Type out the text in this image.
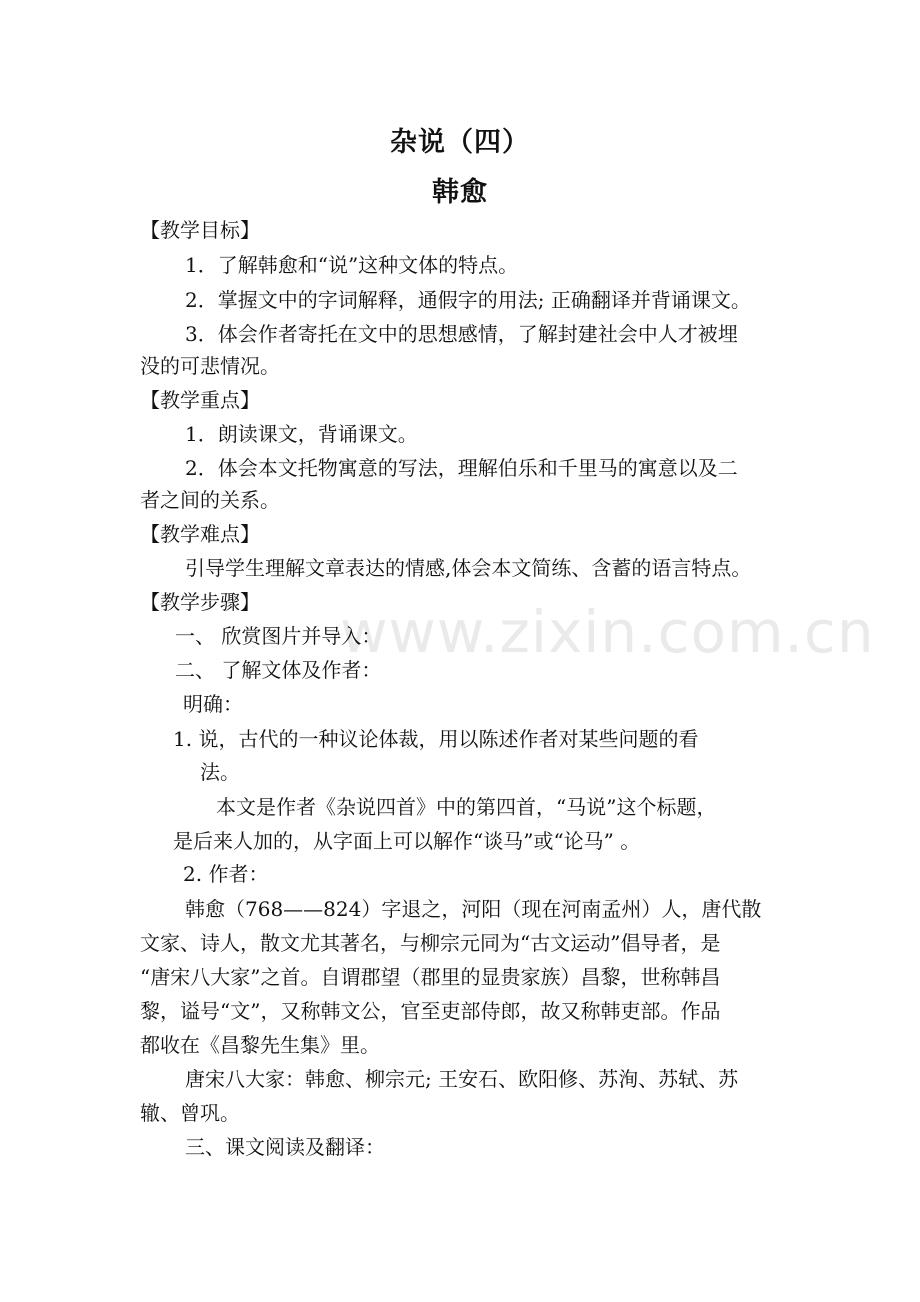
www.zixin.com.cn
杂说（四）
韩愈
【教学目标】
1．了解韩愈和“说”这种文体的特点。
2．掌握文中的字词解释，通假字的用法; 正确翻译并背诵课文。
3．体会作者寄托在文中的思想感情，了解封建社会中人才被埋
没的可悲情况。
【教学重点】
1．朗读课文，背诵课文。
2．体会本文托物寓意的写法，理解伯乐和千里马的寓意以及二
者之间的关系。
【教学难点】
引导学生理解文章表达的情感,体会本文简练、含蓄的语言特点。
【教学步骤】
一、 欣赏图片并导入：
二、 了解文体及作者：
明确：
1. 说，古代的一种议论体裁，用以陈述作者对某些问题的看
法。
本文是作者《杂说四首》中的第四首，“马说”这个标题，
是后来人加的，从字面上可以解作“谈马”或“论马” 。
2. 作者：
韩愈（768——824）字退之，河阳（现在河南孟州）人，唐代散
文家、诗人，散文尤其著名，与柳宗元同为“古文运动”倡导者，是
“唐宋八大家”之首。自谓郡望（郡里的显贵家族）昌黎，世称韩昌
黎，谥号“文”，又称韩文公，官至吏部侍郎，故又称韩吏部。作品
都收在《昌黎先生集》里。
唐宋八大家：韩愈、柳宗元; 王安石、欧阳修、苏洵、苏轼、苏
辙、曾巩。
三、课文阅读及翻译：
